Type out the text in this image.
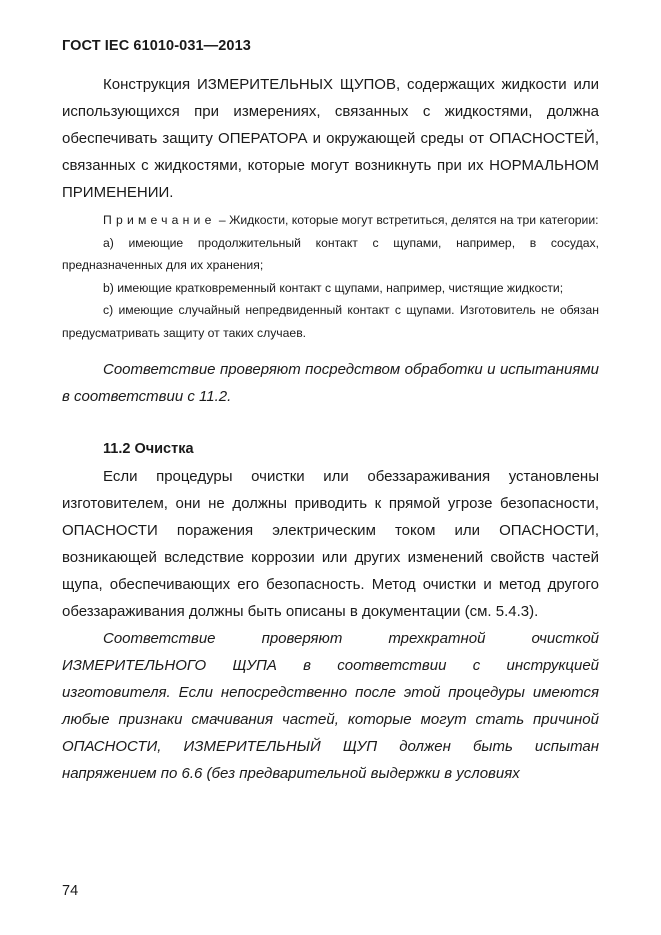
ГОСТ IEC 61010-031—2013

Конструкция ИЗМЕРИТЕЛЬНЫХ ЩУПОВ, содержащих жидкости или использующихся при измерениях, связанных с жидкостями, должна обеспечивать защиту ОПЕРАТОРА и окружающей среды от ОПАСНОСТЕЙ, связанных с жидкостями, которые могут возникнуть при их НОРМАЛЬНОМ ПРИМЕНЕНИИ.

Примечание – Жидкости, которые могут встретиться, делятся на три категории:

a) имеющие продолжительный контакт с щупами, например, в сосудах, предназначенных для их хранения;

b) имеющие кратковременный контакт с щупами, например, чистящие жидкости;

c) имеющие случайный непредвиденный контакт с щупами. Изготовитель не обязан предусматривать защиту от таких случаев.

Соответствие проверяют посредством обработки и испытаниями в соответствии с 11.2.

11.2 Очистка

Если процедуры очистки или обеззараживания установлены изготовителем, они не должны приводить к прямой угрозе безопасности, ОПАСНОСТИ поражения электрическим током или ОПАСНОСТИ, возникающей вследствие коррозии или других изменений свойств частей щупа, обеспечивающих его безопасность. Метод очистки и метод другого обеззараживания должны быть описаны в документации (см. 5.4.3).

Соответствие проверяют трехкратной очисткой ИЗМЕРИТЕЛЬНОГО ЩУПА в соответствии с инструкцией изготовителя. Если непосредственно после этой процедуры имеются любые признаки смачивания частей, которые могут стать причиной ОПАСНОСТИ, ИЗМЕРИТЕЛЬНЫЙ ЩУП должен быть испытан напряжением по 6.6 (без предварительной выдержки в условиях

74
